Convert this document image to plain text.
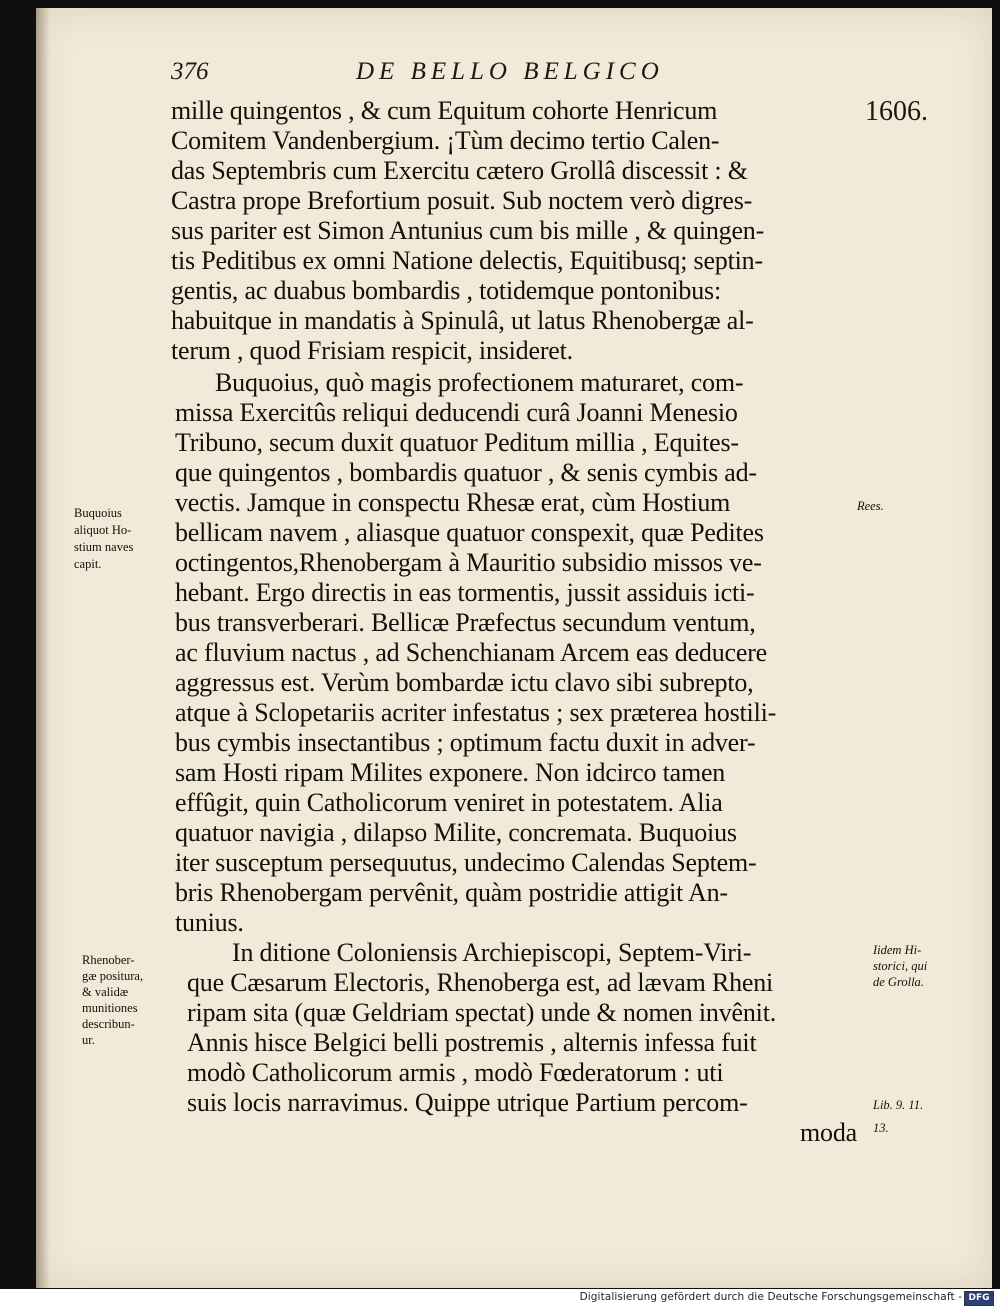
376	DE BELLO BELGICO
1606.
mille quingentos , & cum Equitum cohorte Henricum
Comitem Vandenbergium. ¡Tùm decimo tertio Calen-
das Septembris cum Exercitu cætero Grollâ discessit : &
Castra prope Brefortium posuit. Sub noctem verò digres-
sus pariter est Simon Antunius cum bis mille , & quingen-
tis Peditibus ex omni Natione delectis, Equitibusq; septin-
gentis, ac duabus bombardis , totidemque pontonibus:
habuitque in mandatis à Spinulâ, ut latus Rhenobergæ al-
terum , quod Frisiam respicit, insideret.
Buquoius, quò magis profectionem maturaret, com-
missa Exercitûs reliqui deducendi curâ Joanni Menesio
Tribuno, secum duxit quatuor Peditum millia , Equites-
que quingentos , bombardis quatuor , & senis cymbis ad-
vectis. Jamque in conspectu Rhesæ erat, cùm Hostium
bellicam navem , aliasque quatuor conspexit, quæ Pedites
octingentos,Rhenobergam à Mauritio subsidio missos ve-
hebant. Ergo directis in eas tormentis, jussit assiduis icti-
bus transverberari. Bellicæ Præfectus secundum ventum,
ac fluvium nactus , ad Schenchianam Arcem eas deducere
aggressus est. Verùm bombardæ ictu clavo sibi subrepto,
atque à Sclopetariis acriter infestatus ; sex præterea hostili-
bus cymbis insectantibus ; optimum factu duxit in adver-
sam Hosti ripam Milites exponere. Non idcirco tamen
effûgit, quin Catholicorum veniret in potestatem. Alia
quatuor navigia , dilapso Milite, concremata. Buquoius
iter susceptum persequutus, undecimo Calendas Septem-
bris Rhenobergam pervênit, quàm postridie attigit An-
tunius.
In ditione Coloniensis Archiepiscopi, Septem-Viri-
que Cæsarum Electoris, Rhenoberga est, ad lævam Rheni
ripam sita (quæ Geldriam spectat) unde & nomen invênit.
Annis hisce Belgici belli postremis , alternis infessa fuit
modò Catholicorum armis , modò Fœderatorum : uti
suis locis narravimus. Quippe utrique Partium percom-
moda
Buquoius
aliquot Ho-
stium naves
capit.
Rhenober-
gæ positura,
& validæ
munitiones
describun-
ur.
Rees.
Iidem Hi-
storici, qui
de Grolla.
Lib. 9. 11.
13.
Digitalisierung gefördert durch die Deutsche Forschungsgemeinschaft - DFG
